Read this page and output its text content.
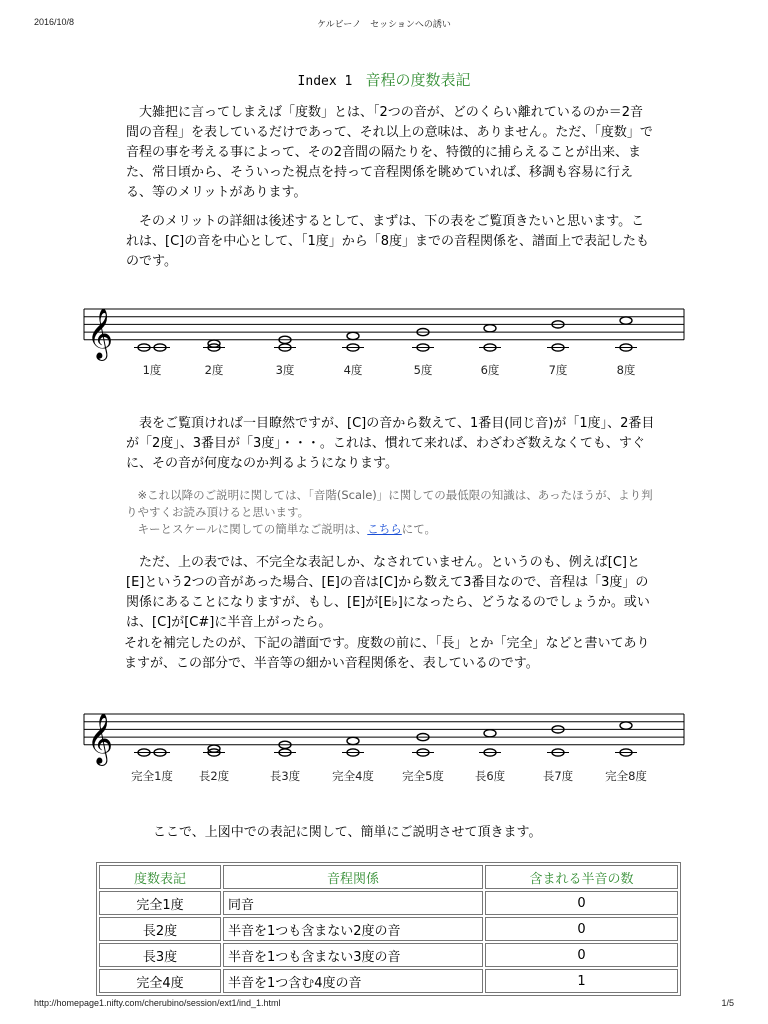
2016/10/8	ケルビーノ　セッションへの誘い
Index 1 音程の度数表記

　大雑把に言ってしまえば「度数」とは、「2つの音が、どのくらい離れているのか＝2音間の音程」を表しているだけであって、それ以上の意味は、ありません。ただ、「度数」で音程の事を考える事によって、その2音間の隔たりを、特徴的に捕らえることが出来、また、常日頃から、そういった視点を持って音程関係を眺めていれば、移調も容易に行える、等のメリットがあります。

　そのメリットの詳細は後述するとして、まずは、下の表をご覧頂きたいと思います。これは、[C]の音を中心として、「1度」から「8度」までの音程関係を、譜面上で表記したものです。

𝄞
𝄞
1度	2度	3度	4度	5度	6度	7度	8度

　表をご覧頂ければ一目瞭然ですが、[C]の音から数えて、1番目(同じ音)が「1度」、2番目が「2度」、3番目が「3度」・・・。これは、慣れて来れば、わざわざ数えなくても、すぐに、その音が何度なのか判るようになります。

　※これ以降のご説明に関しては、「音階(Scale)」に関しての最低限の知識は、あったほうが、より判りやすくお読み頂けると思います。

　キーとスケールに関しての簡単なご説明は、こちらにて。

　ただ、上の表では、不完全な表記しか、なされていません。というのも、例えば[C]と[E]という2つの音があった場合、[E]の音は[C]から数えて3番目なので、音程は「3度」の関係にあることになりますが、もし、[E]が[E♭]になったら、どうなるのでしょうか。或いは、[C]が[C#]に半音上がったら。

それを補完したのが、下記の譜面です。度数の前に、「長」とか「完全」などと書いてありますが、この部分で、半音等の細かい音程関係を、表しているのです。

完全1度 長2度	長3度	完全4度 完全5度	長6度	長7度	完全8度

　ここで、上図中での表記に関して、簡単にご説明させて頂きます。

度数表記	音程関係	含まれる半音の数
完全1度	同音	0
長2度	半音を1つも含まない2度の音	0
長3度	半音を1つも含まない3度の音	0
完全4度	半音を1つ含む4度の音	1
http://homepage1.nifty.com/cherubino/session/ext1/ind_1.html	1/5
